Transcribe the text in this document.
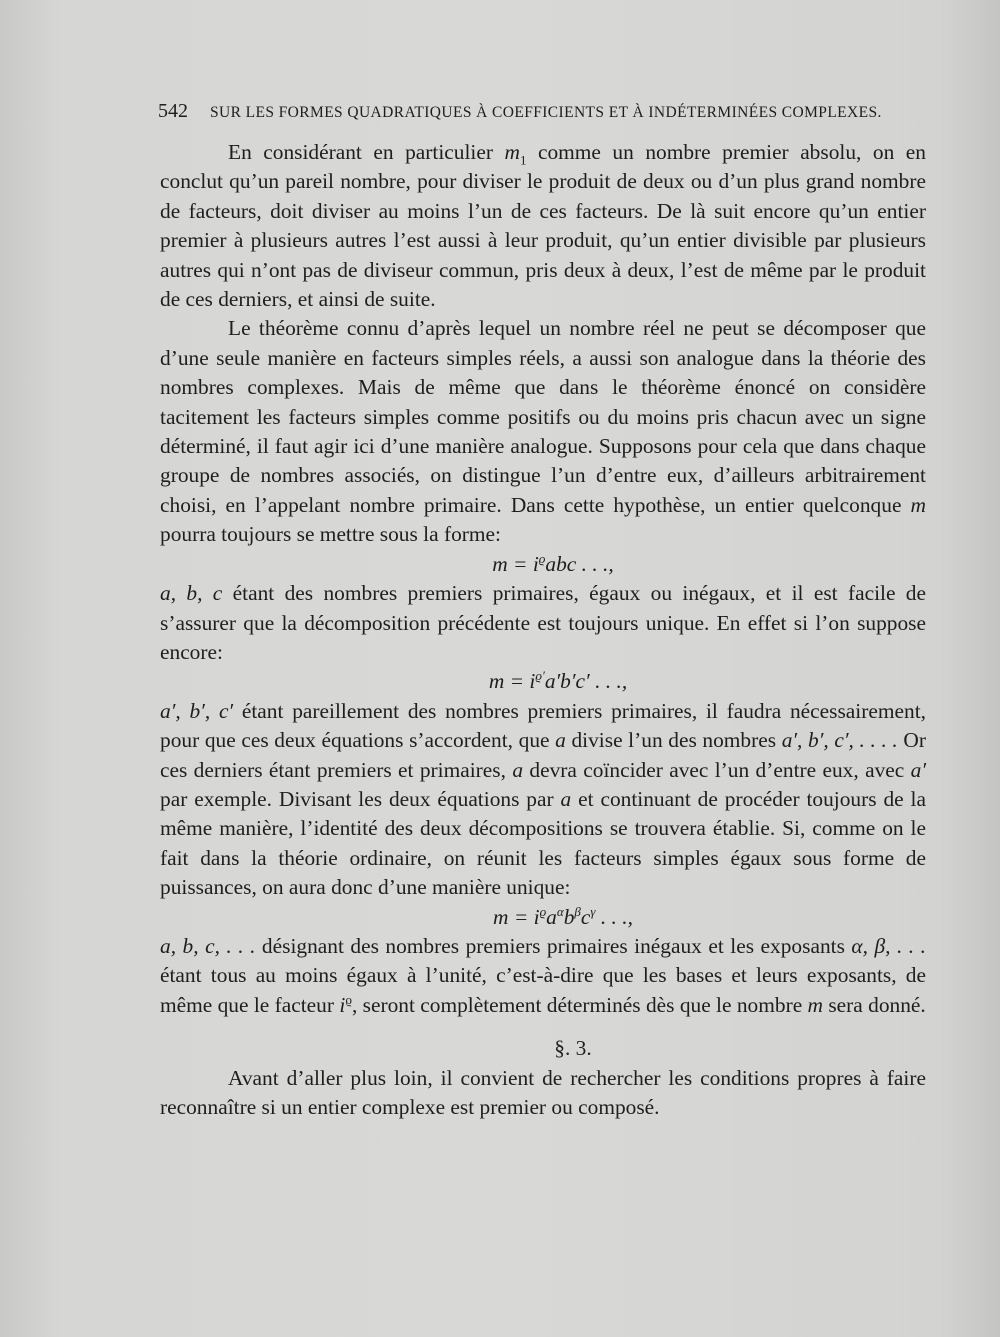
542 SUR LES FORMES QUADRATIQUES À COEFFICIENTS ET À INDÉTERMINÉES COMPLEXES.

En considérant en particulier $m_1$ comme un nombre premier absolu, on en conclut qu’un pareil nombre, pour diviser le produit de deux ou d’un plus grand nombre de facteurs, doit diviser au moins l’un de ces facteurs. De là suit encore qu’un entier premier à plusieurs autres l’est aussi à leur produit, qu’un entier divisible par plusieurs autres qui n’ont pas de diviseur commun, pris deux à deux, l’est de même par le produit de ces derniers, et ainsi de suite.

Le théorème connu d’après lequel un nombre réel ne peut se décomposer que d’une seule manière en facteurs simples réels, a aussi son analogue dans la théorie des nombres complexes. Mais de même que dans le théorème énoncé on considère tacitement les facteurs simples comme positifs ou du moins pris chacun avec un signe déterminé, il faut agir ici d’une manière analogue. Supposons pour cela que dans chaque groupe de nombres associés, on distingue l’un d’entre eux, d’ailleurs arbitrairement choisi, en l’appelant nombre primaire. Dans cette hypothèse, un entier quelconque m pourra toujours se mettre sous la forme:

$m = i^ϱabc$ . . .,

a, b, c étant des nombres premiers primaires, égaux ou inégaux, et il est facile de s’assurer que la décomposition précédente est toujours unique. En effet si l’on suppose encore:

$m = i^{ϱ'}a'b'c'$ . . .,

a′, b′, c′ étant pareillement des nombres premiers primaires, il faudra nécessairement, pour que ces deux équations s’accordent, que a divise l’un des nombres a′, b′, c′, . . . . Or ces derniers étant premiers et primaires, a devra coïncider avec l’un d’entre eux, avec a′ par exemple. Divisant les deux équations par a et continuant de procéder toujours de la même manière, l’identité des deux décompositions se trouvera établie. Si, comme on le fait dans la théorie ordinaire, on réunit les facteurs simples égaux sous forme de puissances, on aura donc d’une manière unique:

$m = i^ϱa^\alpha b^\beta c^\gamma$ . . .,

a, b, c, . . . désignant des nombres premiers primaires inégaux et les exposants α, β, . . . étant tous au moins égaux à l’unité, c’est-à-dire que les bases et leurs exposants, de même que le facteur $i^ϱ$, seront complètement déterminés dès que le nombre m sera donné.

§. 3.

Avant d’aller plus loin, il convient de rechercher les conditions propres à faire reconnaître si un entier complexe est premier ou composé.
